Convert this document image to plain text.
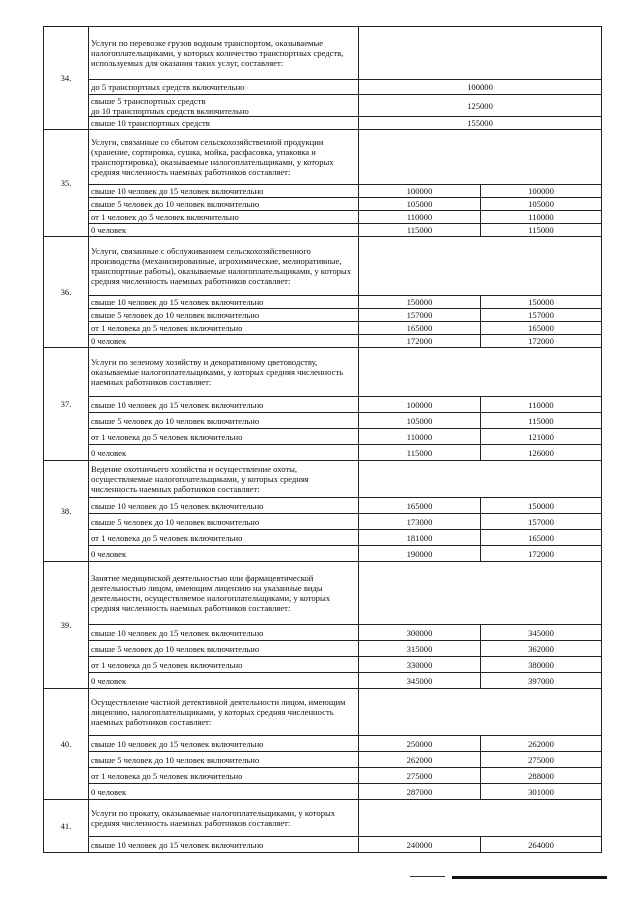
34.	Услуги по перевозке грузов водным транспортом, оказываемые налогоплательщиками, у которых количество транспортных средств, используемых для оказания таких услуг, составляет:		
	до 5 транспортных средств включительно	100000	
	свыше 5 транспортных средств
до 10 транспортных средств включительно	125000	
	свыше 10 транспортных средств	155000	
35.	Услуги, связанные со сбытом сельскохозяйственной продукции (хранение, сортировка, сушка, мойка, расфасовка, упаковка и транспортировка), оказываемые налогоплательщиками, у которых средняя численность наемных работников составляет:		
	свыше 10 человек до 15 человек включительно	100000	100000
	свыше 5 человек до 10 человек включительно	105000	105000
	от 1 человек до 5 человек включительно	110000	110000
	0 человек	115000	115000
36.	Услуги, связанные с обслуживанием сельскохозяйственного производства (механизированные, агрохимические, мелиоративные, транспортные работы), оказываемые налогоплательщиками, у которых средняя численность наемных работников составляет:		
	свыше 10 человек до 15 человек включительно	150000	150000
	свыше 5 человек до 10 человек включительно	157000	157000
	от 1 человека до 5 человек включительно	165000	165000
	0 человек	172000	172000
37.	Услуги по зеленому хозяйству и декоративному цветоводству, оказываемые налогоплательщиками, у которых средняя численность наемных работников составляет:		
	свыше 10 человек до 15 человек включительно	100000	110000
	свыше 5 человек до 10 человек включительно	105000	115000
	от 1 человека до 5 человек включительно	110000	121000
	0 человек	115000	126000
38.	Ведение охотничьего хозяйства и осуществление охоты, осуществляемые налогоплательщиками, у которых средняя численность наемных работников составляет:		
	свыше 10 человек до 15 человек включительно	165000	150000
	свыше 5 человек до 10 человек включительно	173000	157000
	от 1 человека до 5 человек включительно	181000	165000
	0 человек	190000	172000
39.	Занятие медицинской деятельностью или фармацевтической деятельностью лицом, имеющим лицензию на указанные виды деятельности, осуществляемое налогоплательщиками, у которых средняя численность наемных работников составляет:		
	свыше 10 человек до 15 человек включительно	300000	345000
	свыше 5 человек до 10 человек включительно	315000	362000
	от 1 человека до 5 человек включительно	330000	380000
	0 человек	345000	397000
40.	Осуществление частной детективной деятельности лицом, имеющим лицензию, налогоплательщиками, у которых средняя численность наемных работников составляет:		
	свыше 10 человек до 15 человек включительно	250000	262000
	свыше 5 человек до 10 человек включительно	262000	275000
	от 1 человека до 5 человек включительно	275000	288000
	0 человек	287000	301000
41.	Услуги по прокату, оказываемые налогоплательщиками, у которых средняя численность наемных работников составляет:		
	свыше 10 человек до 15 человек включительно	240000	264000
